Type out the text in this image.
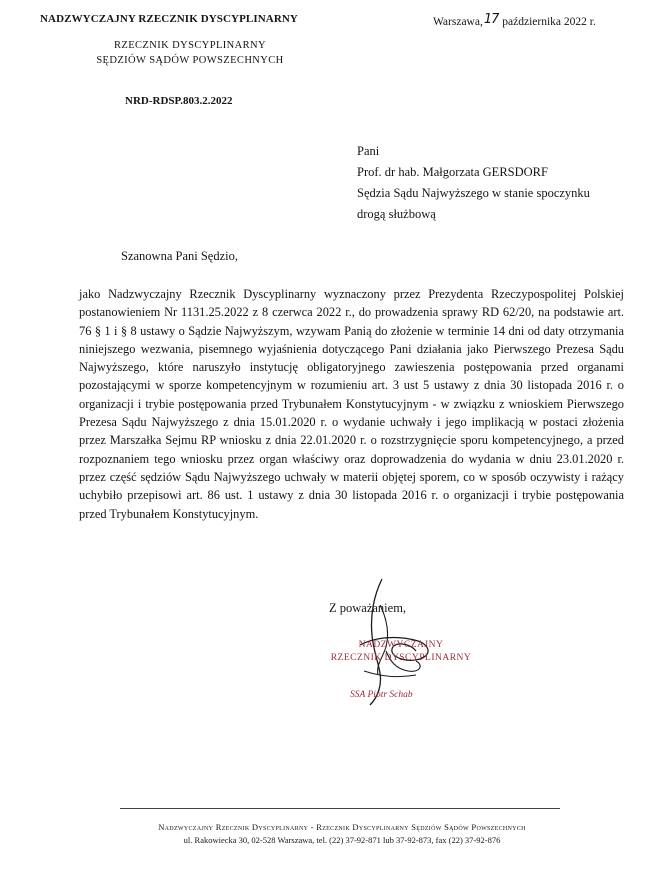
NADZWYCZAJNY RZECZNIK DYSCYPLINARNY
RZECZNIK DYSCYPLINARNY
SĘDZIÓW SĄDÓW POWSZECHNYCH
Warszawa,17 października 2022 r.
NRD-RDSP.803.2.2022
Pani
Prof. dr hab. Małgorzata GERSDORF
Sędzia Sądu Najwyższego w stanie spoczynku
drogą służbową
Szanowna Pani Sędzio,
jako Nadzwyczajny Rzecznik Dyscyplinarny wyznaczony przez Prezydenta Rzeczypospolitej Polskiej postanowieniem Nr 1131.25.2022 z 8 czerwca 2022 r., do prowadzenia sprawy RD 62/20, na podstawie art. 76 § 1 i § 8 ustawy o Sądzie Najwyższym, wzywam Panią do złożenie w terminie 14 dni od daty otrzymania niniejszego wezwania, pisemnego wyjaśnienia dotyczącego Pani działania jako Pierwszego Prezesa Sądu Najwyższego, które naruszyło instytucję obligatoryjnego zawieszenia postępowania przed organami pozostającymi w sporze kompetencyjnym w rozumieniu art. 3 ust 5 ustawy z dnia 30 listopada 2016 r. o organizacji i trybie postępowania przed Trybunałem Konstytucyjnym - w związku z wnioskiem Pierwszego Prezesa Sądu Najwyższego z dnia 15.01.2020 r. o wydanie uchwały i jego implikacją w postaci złożenia przez Marszałka Sejmu RP wniosku z dnia 22.01.2020 r. o rozstrzygnięcie sporu kompetencyjnego, a przed rozpoznaniem tego wniosku przez organ właściwy oraz doprowadzenia do wydania w dniu 23.01.2020 r. przez część sędziów Sądu Najwyższego uchwały w materii objętej sporem, co w sposób oczywisty i rażący uchybiło przepisowi art. 86 ust. 1 ustawy z dnia 30 listopada 2016 r. o organizacji i trybie postępowania przed Trybunałem Konstytucyjnym.
Z poważaniem,
NADZWYCZAJNY
RZECZNIK DYSCYPLINARNY
SSA Piotr Schab
Nadzwyczajny Rzecznik Dyscyplinarny - Rzecznik Dyscyplinarny Sędziów Sądów Powszechnych
ul. Rakowiecka 30, 02-528 Warszawa, tel. (22) 37-92-871 lub 37-92-873, fax (22) 37-92-876
